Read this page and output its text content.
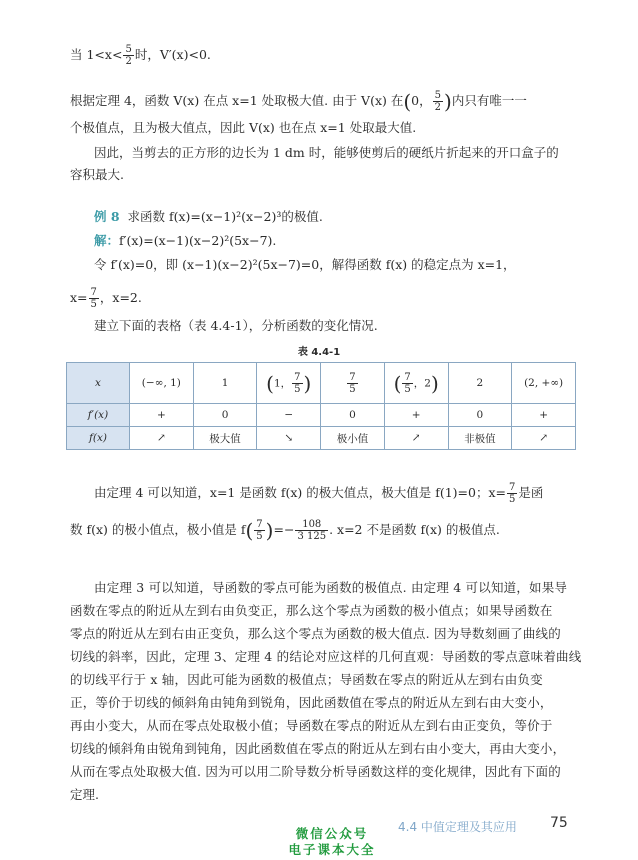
当 $1<x< \frac{5}{2}$ 时，V′(x)<0.
根据定理 4，函数 V(x) 在点 x=1 处取极大值. 由于 V(x) 在(0， $\frac{5}{2}$ )内只有唯一一
个极值点，且为极大值点，因此 V(x) 也在点 x=1 处取最大值.
因此，当剪去的正方形的边长为 1 dm 时，能够使剪后的硬纸片折起来的开口盒子的
容积最大.
例 8 求函数 f(x)=(x−1)²(x−2)³的极值.
解：f′(x)=(x−1)(x−2)²(5x−7).
令 f′(x)=0，即 (x−1)(x−2)²(5x−7)=0，解得函数 f(x) 的稳定点为 x=1，
$x= \frac{7}{5}$ ，x=2.
建立下面的表格（表 4.4-1），分析函数的变化情况.
表 4.4-1
x	(−∞, 1)	1	(1， $\frac{7}{5}$ )	$\frac{7}{5}$	( $\frac{7}{5}$ ，2)	2	(2, +∞)
f′(x)	+	0	−	0	+	0	+
f(x)	↗	极大值	↘	极小值	↗	非极值	↗
由定理 4 可以知道，x=1 是函数 f(x) 的极大值点，极大值是 f(1)=0；$x= \frac{7}{5}$ 是函
数 f(x) 的极小值点，极小值是 $f( \frac{7}{5}$ )=− $\frac{108}{3 125}$ . x=2 不是函数 f(x) 的极值点.
由定理 3 可以知道，导函数的零点可能为函数的极值点. 由定理 4 可以知道，如果导
函数在零点的附近从左到右由负变正，那么这个零点为函数的极小值点；如果导函数在
零点的附近从左到右由正变负，那么这个零点为函数的极大值点. 因为导数刻画了曲线的
切线的斜率，因此，定理 3、定理 4 的结论对应这样的几何直观：导函数的零点意味着曲线
的切线平行于 x 轴，因此可能为函数的极值点；导函数在零点的附近从左到右由负变
正，等价于切线的倾斜角由钝角到锐角，因此函数值在零点的附近从左到右由大变小，
再由小变大，从而在零点处取极小值；导函数在零点的附近从左到右由正变负，等价于
切线的倾斜角由锐角到钝角，因此函数值在零点的附近从左到右由小变大，再由大变小，
从而在零点处取极大值. 因为可以用二阶导数分析导函数这样的变化规律，因此有下面的
定理.
4.4 中值定理及其应用 75
微信公众号
电子课本大全
